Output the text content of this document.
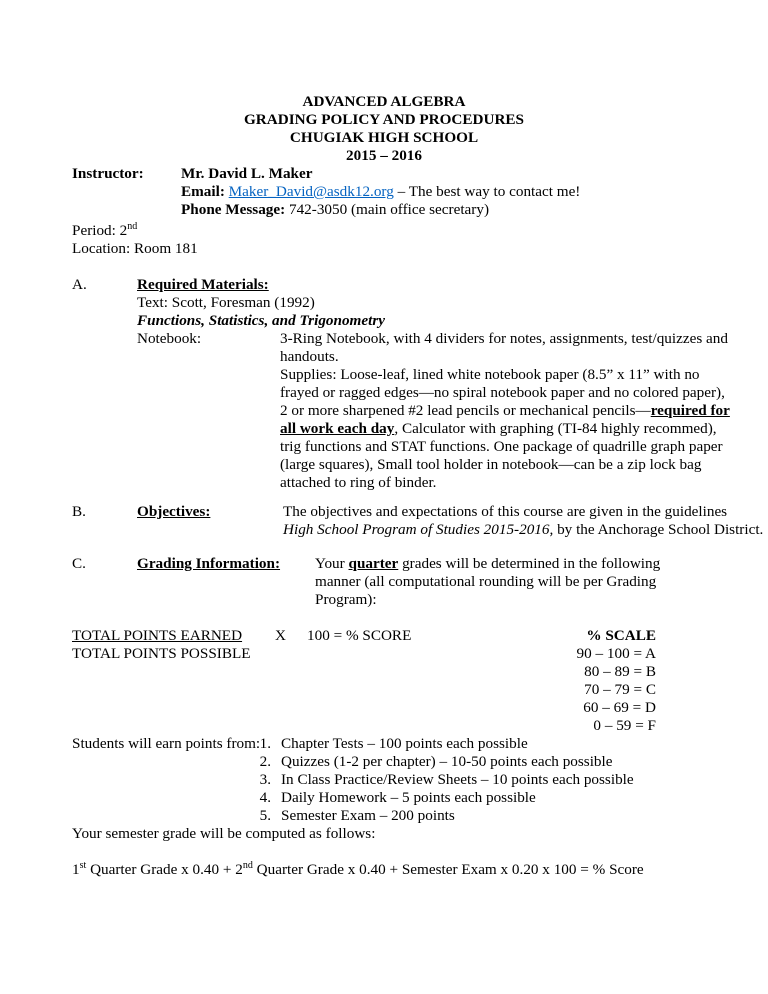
ADVANCED ALGEBRA
GRADING POLICY AND PROCEDURES
CHUGIAK HIGH SCHOOL
2015 – 2016
Instructor: Mr. David L. Maker
Email: Maker_David@asdk12.org – The best way to contact me!
Phone Message: 742-3050 (main office secretary)
Period: 2nd
Location: Room 181
A.	Required Materials:
Text: Scott, Foresman (1992)
Functions, Statistics, and Trigonometry
Notebook:	3-Ring Notebook, with 4 dividers for notes, assignments, test/quizzes and
handouts.
Supplies: Loose-leaf, lined white notebook paper (8.5” x 11” with no
frayed or ragged edges—no spiral notebook paper and no colored paper),
2 or more sharpened #2 lead pencils or mechanical pencils—required for
all work each day, Calculator with graphing (TI-84 highly recommed),
trig functions and STAT functions. One package of quadrille graph paper
(large squares), Small tool holder in notebook—can be a zip lock bag
attached to ring of binder.
B.	Objectives:	The objectives and expectations of this course are given in the guidelines
High School Program of Studies 2015-2016, by the Anchorage School District.
C.	Grading Information: Your quarter grades will be determined in the following
manner (all computational rounding will be per Grading
Program):
TOTAL POINTS EARNED X 100 = % SCORE
TOTAL POINTS POSSIBLE
% SCALE
90 – 100 = A
80 – 89 = B
70 – 79 = C
60 – 69 = D
0 – 59 = F
Students will earn points from: 1. Chapter Tests – 100 points each possible
2. Quizzes (1-2 per chapter) – 10-50 points each possible
3. In Class Practice/Review Sheets – 10 points each possible
4. Daily Homework – 5 points each possible
5. Semester Exam – 200 points
Your semester grade will be computed as follows:
1st Quarter Grade x 0.40 + 2nd Quarter Grade x 0.40 + Semester Exam x 0.20 x 100 = % Score
